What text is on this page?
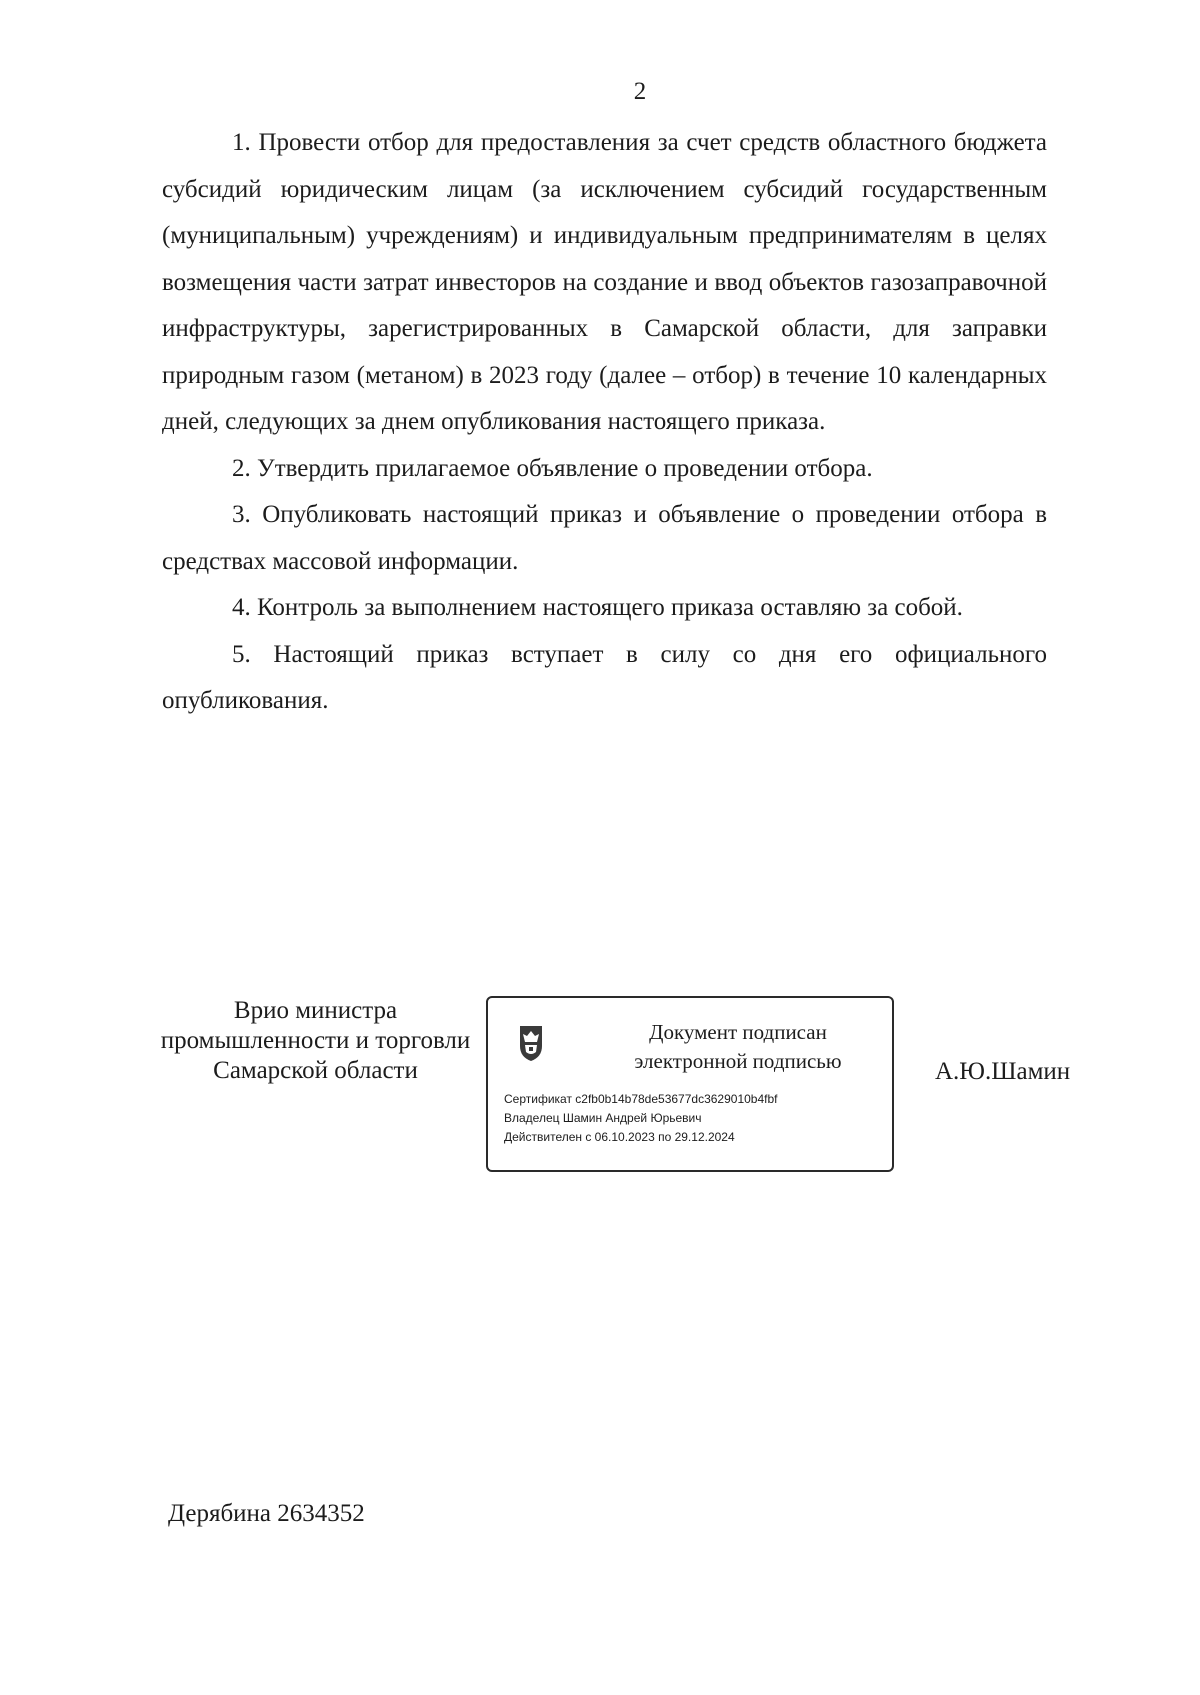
2

1. Провести отбор для предоставления за счет средств областного бюджета субсидий юридическим лицам (за исключением субсидий государственным (муниципальным) учреждениям) и индивидуальным предпринимателям в целях возмещения части затрат инвесторов на создание и ввод объектов газозаправочной инфраструктуры, зарегистрированных в Самарской области, для заправки природным газом (метаном) в 2023 году (далее – отбор) в течение 10 календарных дней, следующих за днем опубликования настоящего приказа.

2. Утвердить прилагаемое объявление о проведении отбора.

3. Опубликовать настоящий приказ и объявление о проведении отбора в средствах массовой информации.

4. Контроль за выполнением настоящего приказа оставляю за собой.

5. Настоящий приказ вступает в силу со дня его официального опубликования.

Врио министра
промышленности и торговли
Самарской области
Документ подписан
электронной подписью
Сертификат c2fb0b14b78de53677dc3629010b4fbf
Владелец Шамин Андрей Юрьевич
Действителен с 06.10.2023 по 29.12.2024
А.Ю.Шамин
Дерябина 2634352
